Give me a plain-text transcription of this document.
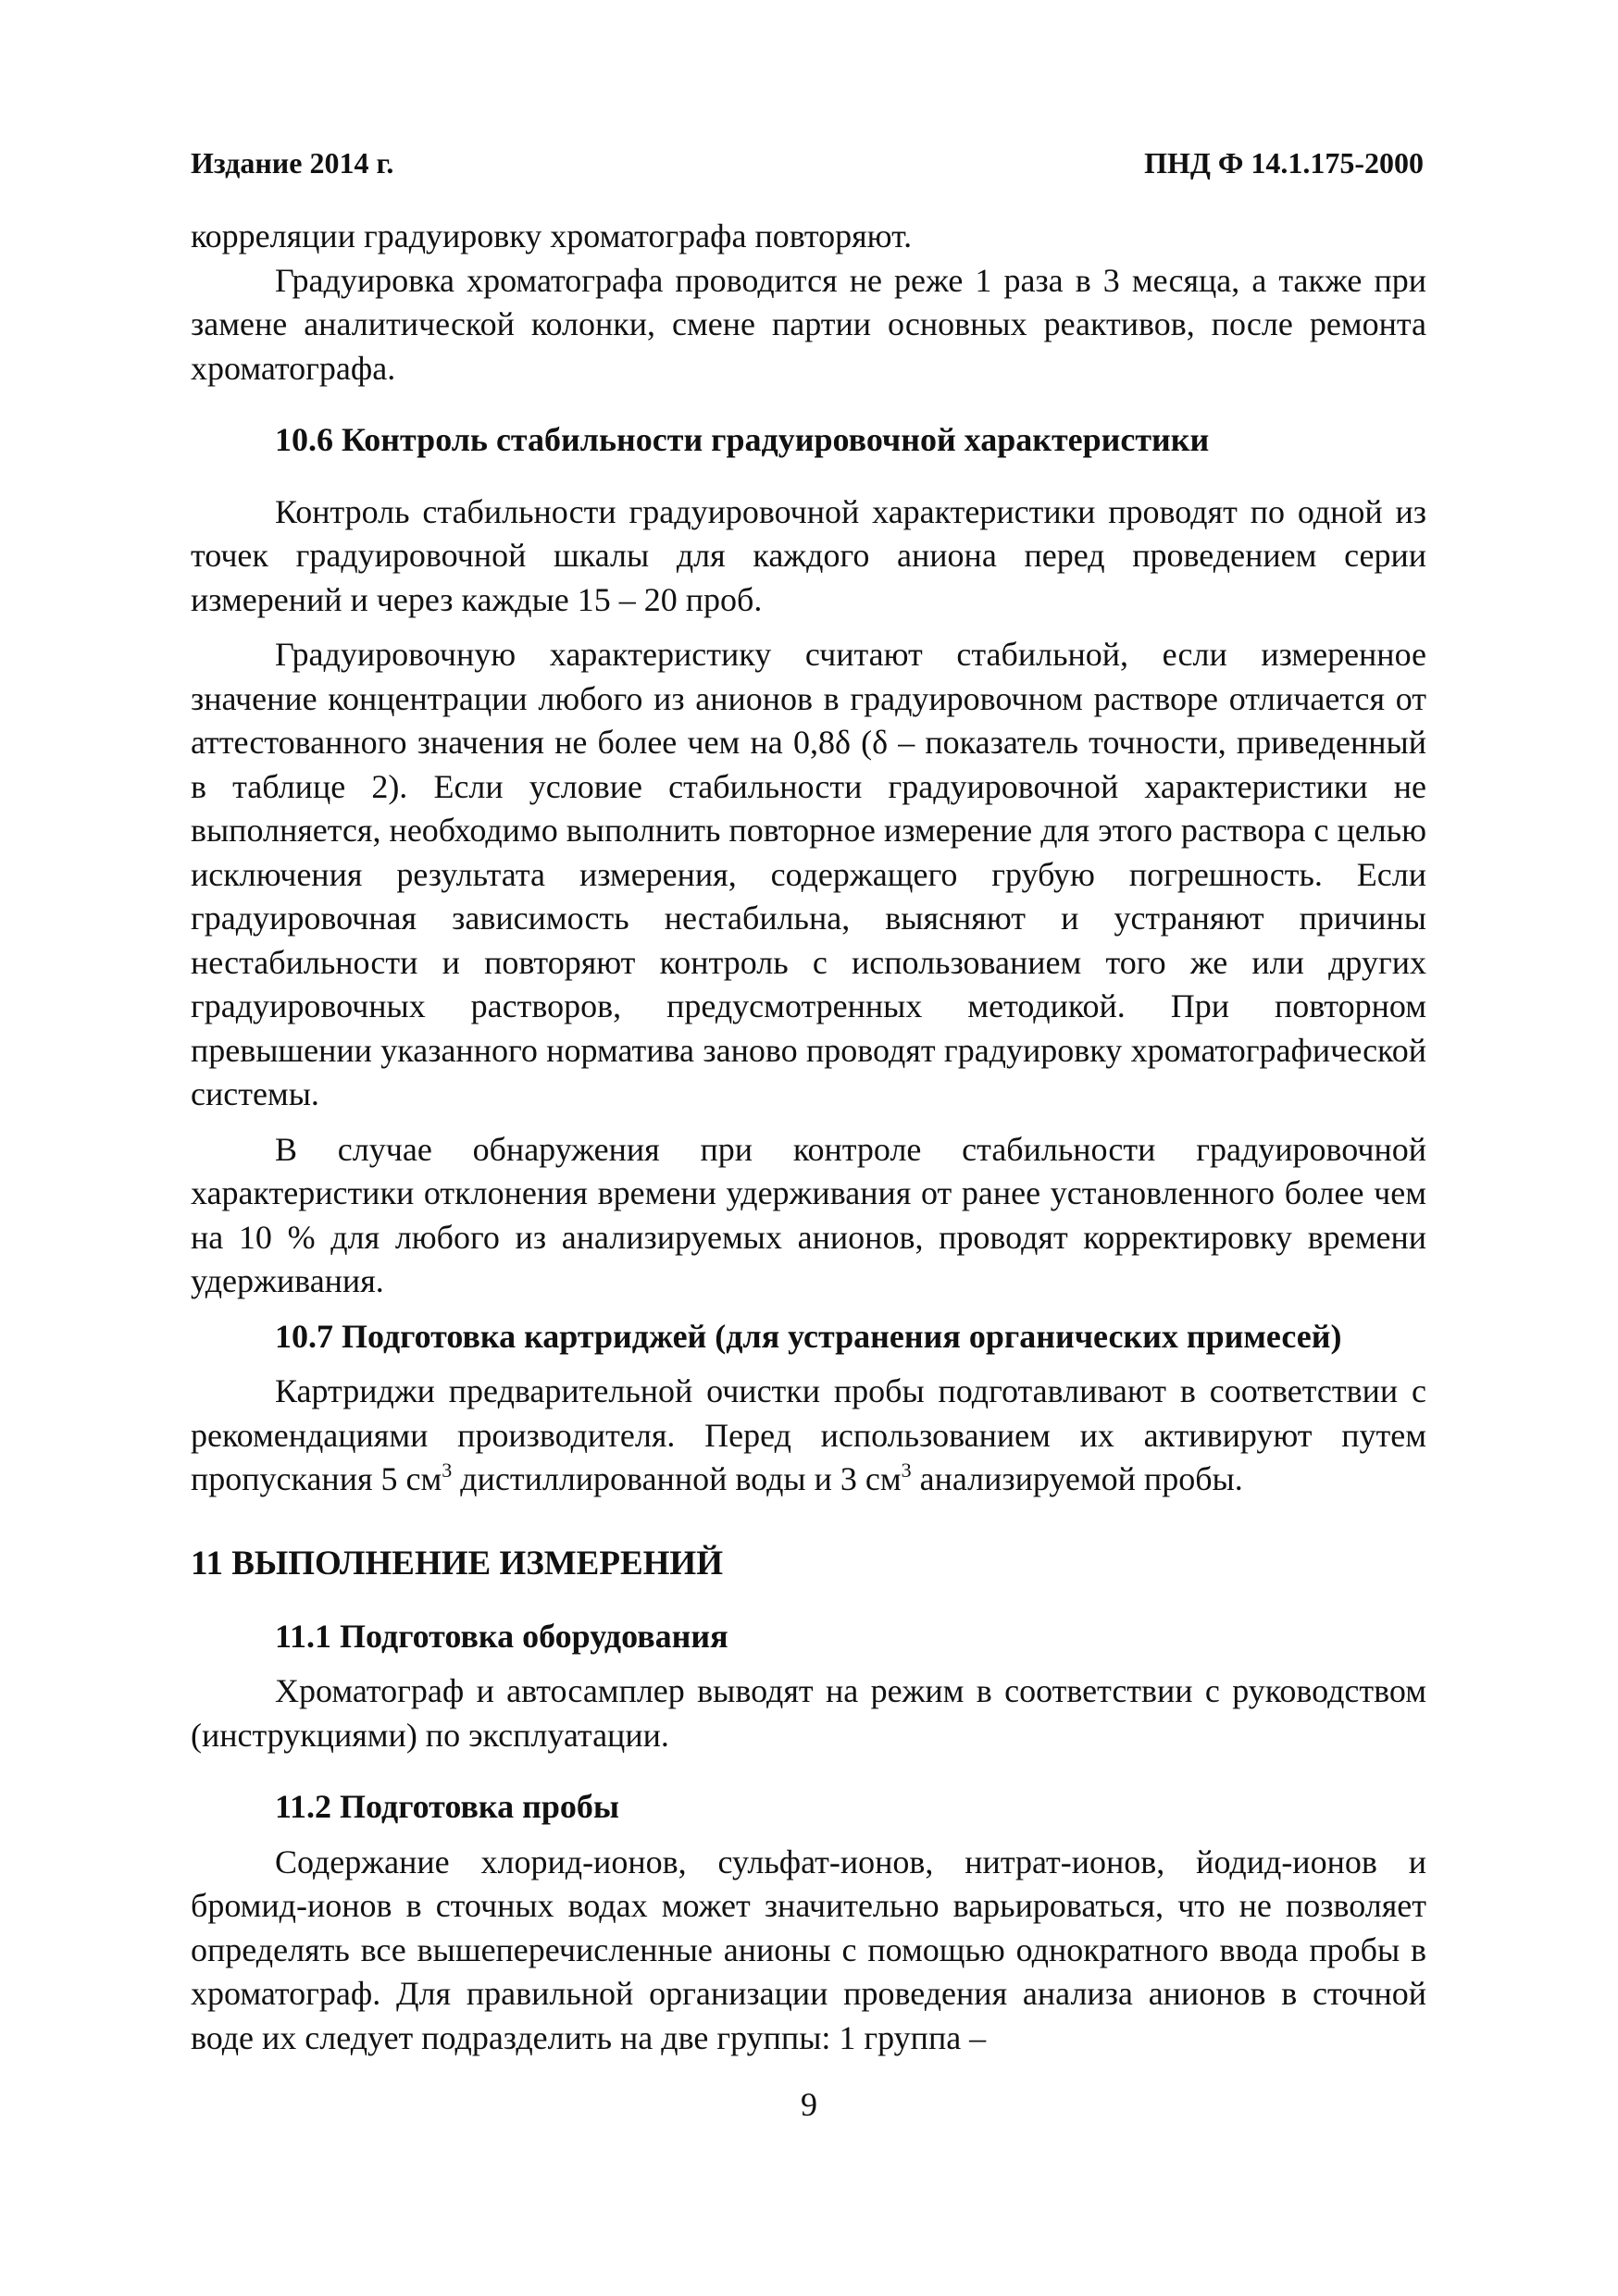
Издание 2014 г.	ПНД Ф 14.1.175-2000

корреляции градуировку хроматографа повторяют.

Градуировка хроматографа проводится не реже 1 раза в 3 месяца, а также при замене аналитической колонки, смене партии основных реактивов, после ремонта хроматографа.

10.6 Контроль стабильности градуировочной характеристики

Контроль стабильности градуировочной характеристики проводят по одной из точек градуировочной шкалы для каждого аниона перед проведением серии измерений и через каждые 15 – 20 проб.

Градуировочную характеристику считают стабильной, если измеренное значение концентрации любого из анионов в градуировочном растворе отличается от аттестованного значения не более чем на 0,8δ (δ – показатель точности, приведенный в таблице 2). Если условие стабильности градуировочной характеристики не выполняется, необходимо выполнить повторное измерение для этого раствора с целью исключения результата измерения, содержащего грубую погрешность. Если градуировочная зависимость нестабильна, выясняют и устраняют причины нестабильности и повторяют контроль с использованием того же или других градуировочных растворов, предусмотренных методикой. При повторном превышении указанного норматива заново проводят градуировку хроматографической системы.

В случае обнаружения при контроле стабильности градуировочной характеристики отклонения времени удерживания от ранее установленного более чем на 10 % для любого из анализируемых анионов, проводят корректировку времени удерживания.

10.7 Подготовка картриджей (для устранения органических примесей)

Картриджи предварительной очистки пробы подготавливают в соответствии с рекомендациями производителя. Перед использованием их активируют путем пропускания 5 $см^3$ дистиллированной воды и 3 $см^3$ анализируемой пробы.

11 ВЫПОЛНЕНИЕ ИЗМЕРЕНИЙ

11.1 Подготовка оборудования

Хроматограф и автосамплер выводят на режим в соответствии с руководством (инструкциями) по эксплуатации.

11.2 Подготовка пробы

Содержание хлорид-ионов, сульфат-ионов, нитрат-ионов, йодид-ионов и бромид-ионов в сточных водах может значительно варьироваться, что не позволяет определять все вышеперечисленные анионы с помощью однократного ввода пробы в хроматограф. Для правильной организации проведения анализа анионов в сточной воде их следует подразделить на две группы: 1 группа –

9
